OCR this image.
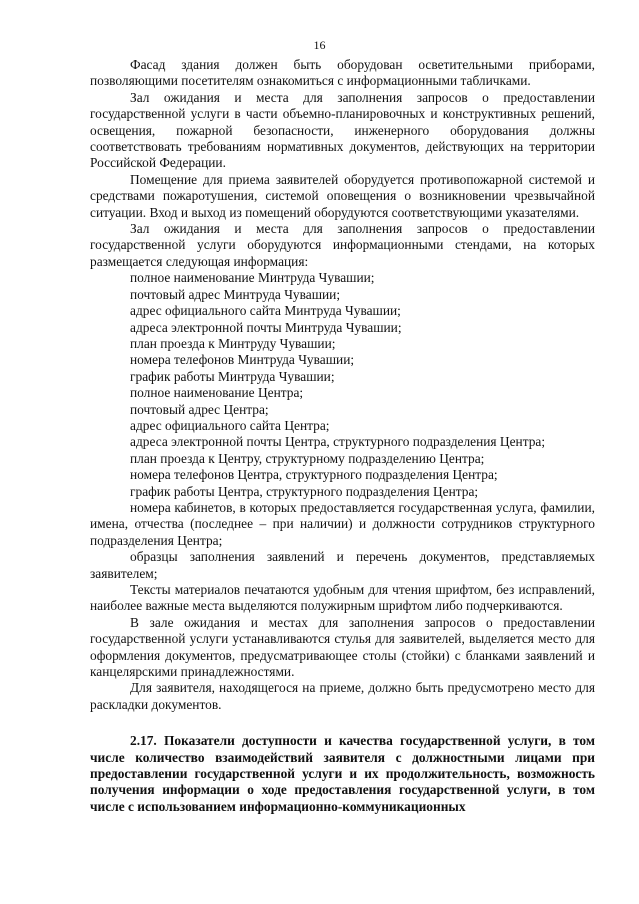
16

Фасад здания должен быть оборудован осветительными приборами, позволяющими посетителям ознакомиться с информационными табличками.

Зал ожидания и места для заполнения запросов о предоставлении государственной услуги в части объемно-планировочных и конструктивных решений, освещения, пожарной безопасности, инженерного оборудования должны соответствовать требованиям нормативных документов, действующих на территории Российской Федерации.

Помещение для приема заявителей оборудуется противопожарной системой и средствами пожаротушения, системой оповещения о возникновении чрезвычайной ситуации. Вход и выход из помещений оборудуются соответствующими указателями.

Зал ожидания и места для заполнения запросов о предоставлении государственной услуги оборудуются информационными стендами, на которых размещается следующая информация:

полное наименование Минтруда Чувашии;

почтовый адрес Минтруда Чувашии;

адрес официального сайта Минтруда Чувашии;

адреса электронной почты Минтруда Чувашии;

план проезда к Минтруду Чувашии;

номера телефонов Минтруда Чувашии;

график работы Минтруда Чувашии;

полное наименование Центра;

почтовый адрес Центра;

адрес официального сайта Центра;

адреса электронной почты Центра, структурного подразделения Центра;

план проезда к Центру, структурному подразделению Центра;

номера телефонов Центра, структурного подразделения Центра;

график работы Центра, структурного подразделения Центра;

номера кабинетов, в которых предоставляется государственная услуга, фамилии, имена, отчества (последнее – при наличии) и должности сотрудников структурного подразделения Центра;

образцы заполнения заявлений и перечень документов, представляемых заявителем;

Тексты материалов печатаются удобным для чтения шрифтом, без исправлений, наиболее важные места выделяются полужирным шрифтом либо подчеркиваются.

В зале ожидания и местах для заполнения запросов о предоставлении государственной услуги устанавливаются стулья для заявителей, выделяется место для оформления документов, предусматривающее столы (стойки) с бланками заявлений и канцелярскими принадлежностями.

Для заявителя, находящегося на приеме, должно быть предусмотрено место для раскладки документов.

2.17. Показатели доступности и качества государственной услуги, в том числе количество взаимодействий заявителя с должностными лицами при предоставлении государственной услуги и их продолжительность, возможность получения информации о ходе предоставления государственной услуги, в том числе с использованием информационно-коммуникационных
